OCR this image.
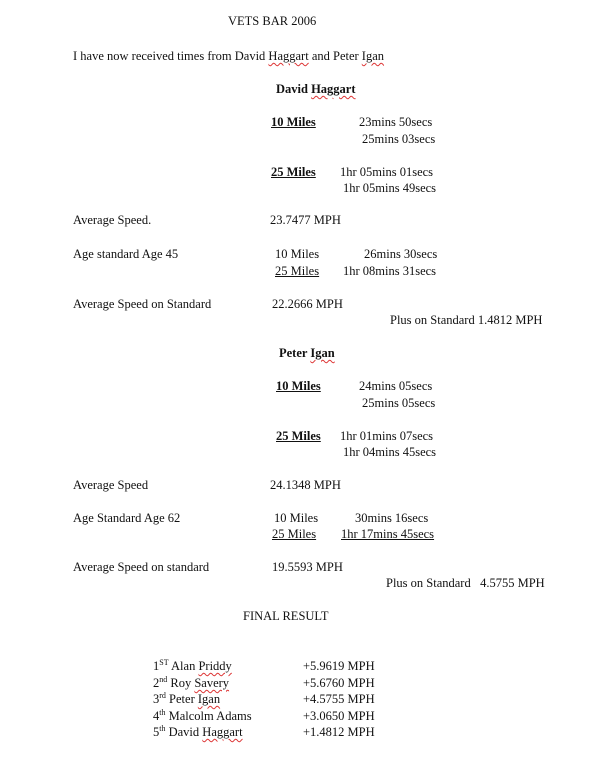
VETS BAR 2006
I have now received times from David Haggart and Peter Igan
David Haggart
10 Miles	23mins 50secs
25mins 03secs
25 Miles 1hr 05mins 01secs
1hr 05mins 49secs
Average Speed.	23.7477 MPH
Age standard Age 45	10 Miles	26mins 30secs
25 Miles 1hr 08mins 31secs
Average Speed on Standard	22.2666 MPH
Plus on Standard 1.4812 MPH
Peter Igan
10 Miles	24mins 05secs
25mins 05secs
25 Miles 1hr 01mins 07secs
1hr 04mins 45secs
Average Speed	24.1348 MPH
Age Standard Age 62	10 Miles	30mins 16secs
25 Miles 1hr 17mins 45secs
Average Speed on standard	19.5593 MPH
Plus on Standard   4.5755 MPH
FINAL RESULT
1ST Alan Priddy	+5.9619 MPH
2nd Roy Savery	+5.6760 MPH
3rd Peter Igan	+4.5755 MPH
4th Malcolm Adams	+3.0650 MPH
5th David Haggart	+1.4812 MPH
